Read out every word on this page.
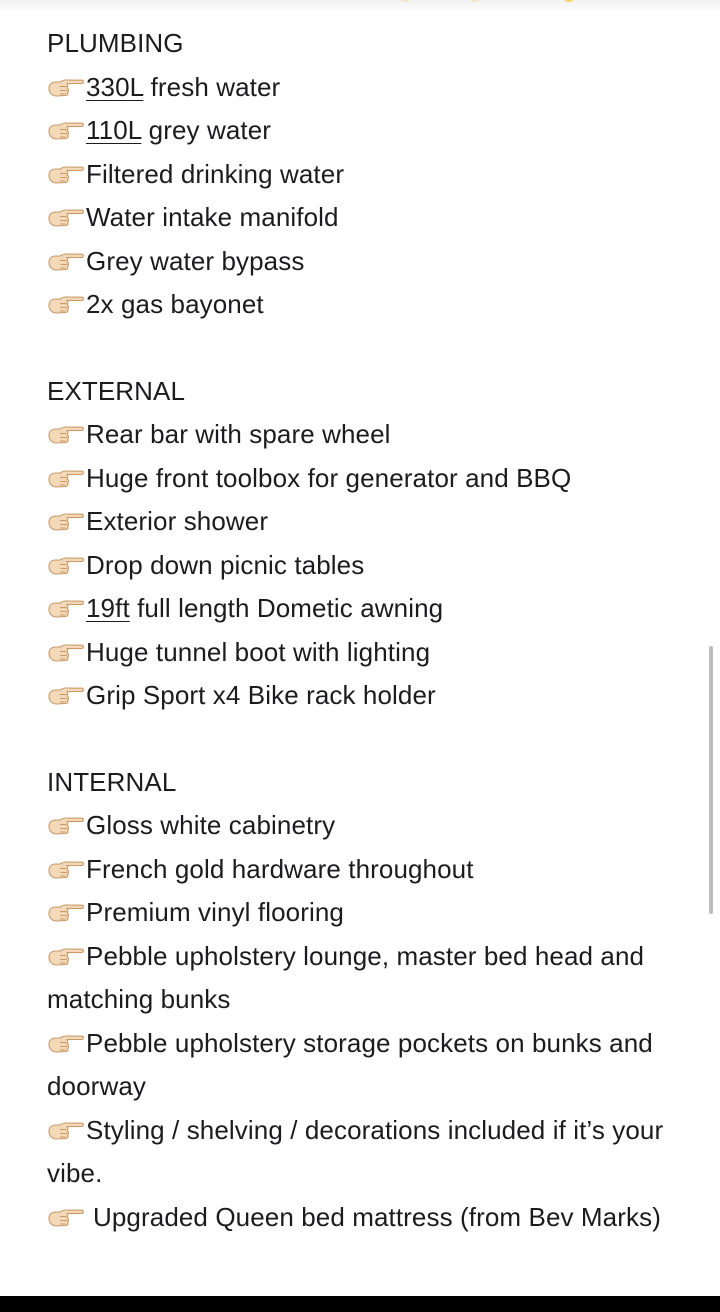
PLUMBING
330L fresh water
110L grey water
Filtered drinking water
Water intake manifold
Grey water bypass
2x gas bayonet
EXTERNAL
Rear bar with spare wheel
Huge front toolbox for generator and BBQ
Exterior shower
Drop down picnic tables
19ft full length Dometic awning
Huge tunnel boot with lighting
Grip Sport x4 Bike rack holder
INTERNAL
Gloss white cabinetry
French gold hardware throughout
Premium vinyl flooring
Pebble upholstery lounge, master bed head and matching bunks
Pebble upholstery storage pockets on bunks and doorway
Styling / shelving / decorations included if it’s your vibe.
Upgraded Queen bed mattress (from Bev Marks)
